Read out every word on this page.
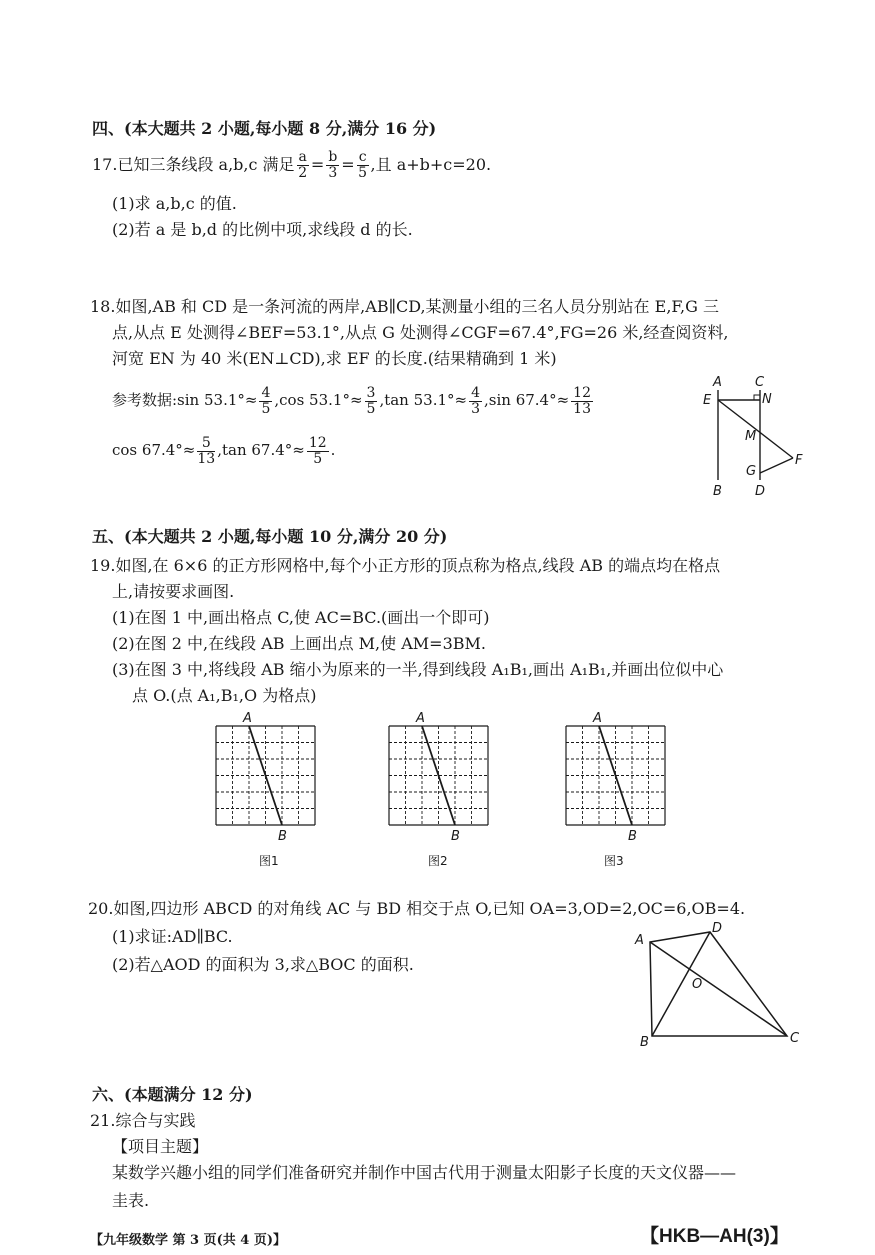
四、(本大题共 2 小题,每小题 8 分,满分 16 分)
17.已知三条线段 a,b,c 满足 $\frac{a}{2} = \frac{b}{3} = \frac{c}{5}$ ,且 a+b+c=20.
(1)求 a,b,c 的值.
(2)若 a 是 b,d 的比例中项,求线段 d 的长.
18.如图,AB 和 CD 是一条河流的两岸,AB∥CD,某测量小组的三名人员分别站在 E,F,G 三
点,从点 E 处测得∠BEF=53.1°,从点 G 处测得∠CGF=67.4°,FG=26 米,经查阅资料,
河宽 EN 为 40 米(EN⊥CD),求 EF 的长度.(结果精确到 1 米)
参考数据:sin $53.1^\circ\approx \frac{4}{5} ,\cos$ $53.1^\circ\approx \frac{3}{5} ,\tan$ $53.1^\circ\approx \frac{4}{3} ,\sin$ $67.4^\circ\approx \frac{12}{13}$
$\cos 67.4^\circ\approx \frac{5}{13} ,\tan$ $67.4^\circ\approx \frac{12}{5}$ .
A	C
E	N
M
G
F
B	D
五、(本大题共 2 小题,每小题 10 分,满分 20 分)
19.如图,在 6×6 的正方形网格中,每个小正方形的顶点称为格点,线段 AB 的端点均在格点
上,请按要求画图.
(1)在图 1 中,画出格点 C,使 AC=BC.(画出一个即可)
(2)在图 2 中,在线段 AB 上画出点 M,使 AM=3BM.
(3)在图 3 中,将线段 AB 缩小为原来的一半,得到线段 A₁B₁,画出 A₁B₁,并画出位似中心
点 O.(点 A₁,B₁,O 为格点)
A
B
A
B
A
B
图1	图2	图3
20.如图,四边形 ABCD 的对角线 AC 与 BD 相交于点 O,已知 OA=3,OD=2,OC=6,OB=4.
(1)求证:AD∥BC.
(2)若△AOD 的面积为 3,求△BOC 的面积.
A
D
O
B	C
六、(本题满分 12 分)
21.综合与实践
【项目主题】
某数学兴趣小组的同学们准备研究并制作中国古代用于测量太阳影子长度的天文仪器——
圭表.
【九年级数学 第 3 页(共 4 页)】	【HKB—AH(3)】
